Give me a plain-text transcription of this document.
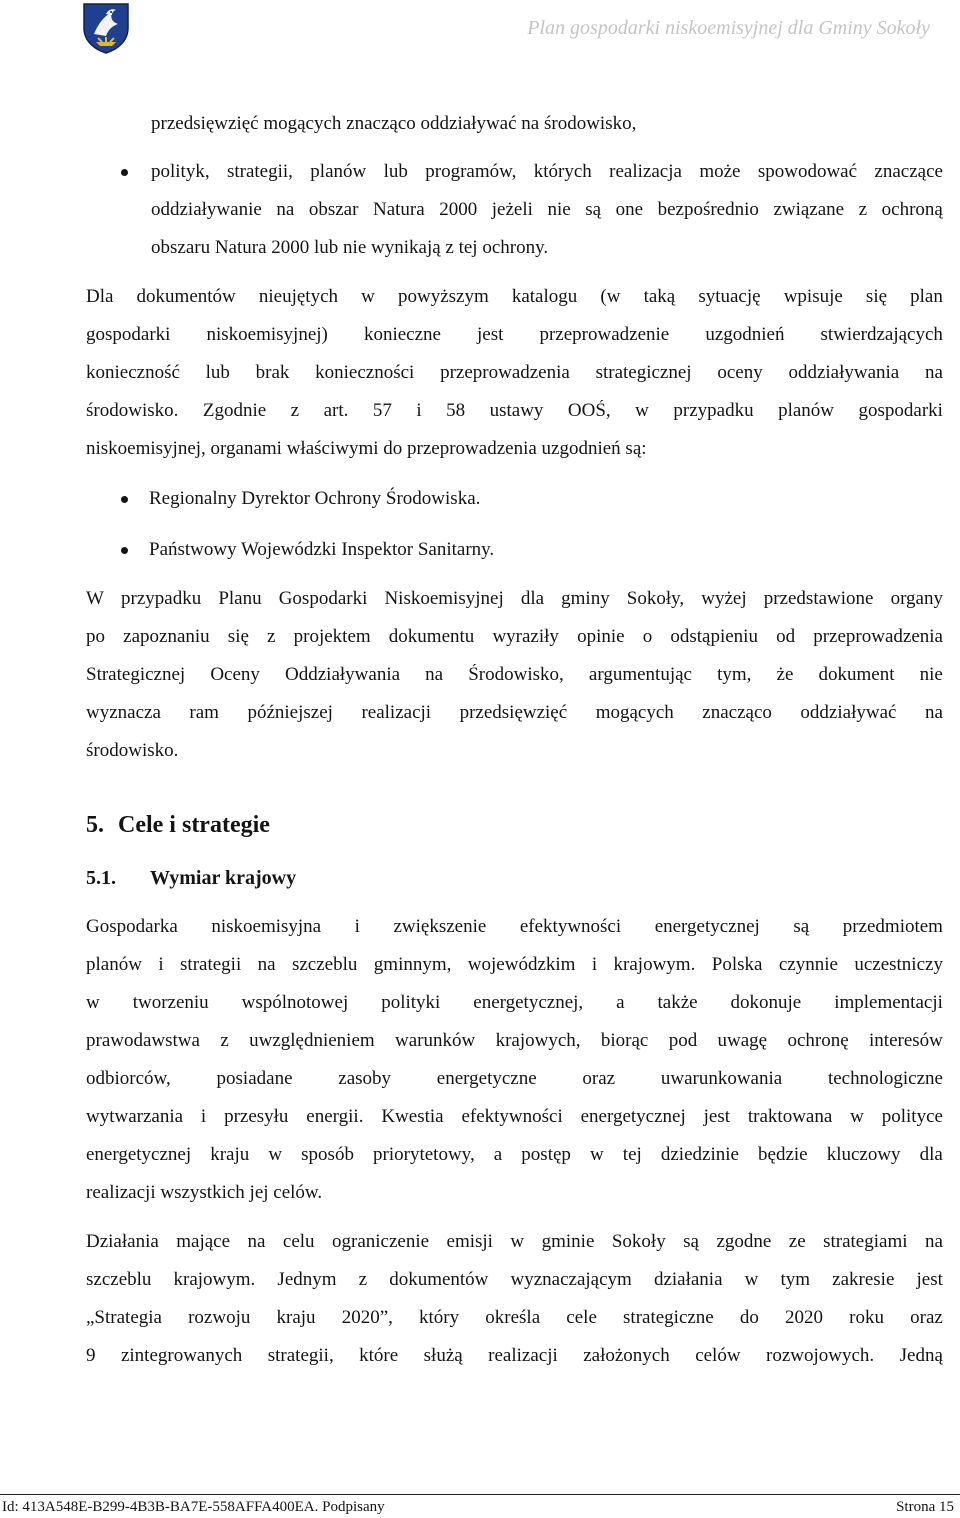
Plan gospodarki niskoemisyjnej dla Gminy Sokoły
przedsięwzięć mogących znacząco oddziaływać na środowisko,
polityk, strategii, planów lub programów, których realizacja może spowodować znaczące
oddziaływanie na obszar Natura 2000 jeżeli nie są one bezpośrednio związane z ochroną
obszaru Natura 2000 lub nie wynikają z tej ochrony.
Dla dokumentów nieujętych w powyższym katalogu (w taką sytuację wpisuje się plan
gospodarki niskoemisyjnej) konieczne jest przeprowadzenie uzgodnień stwierdzających
konieczność lub brak konieczności przeprowadzenia strategicznej oceny oddziaływania na
środowisko. Zgodnie z art. 57 i 58 ustawy OOŚ, w przypadku planów gospodarki
niskoemisyjnej, organami właściwymi do przeprowadzenia uzgodnień są:
Regionalny Dyrektor Ochrony Środowiska.
Państwowy Wojewódzki Inspektor Sanitarny.
W przypadku Planu Gospodarki Niskoemisyjnej dla gminy Sokoły, wyżej przedstawione organy
po zapoznaniu się z projektem dokumentu wyraziły opinie o odstąpieniu od przeprowadzenia
Strategicznej Oceny Oddziaływania na Środowisko, argumentując tym, że dokument nie
wyznacza ram późniejszej realizacji przedsięwzięć mogących znacząco oddziaływać na
środowisko.
5. Cele i strategie
5.1. Wymiar krajowy
Gospodarka niskoemisyjna i zwiększenie efektywności energetycznej są przedmiotem
planów i strategii na szczeblu gminnym, wojewódzkim i krajowym. Polska czynnie uczestniczy
w tworzeniu wspólnotowej polityki energetycznej, a także dokonuje implementacji
prawodawstwa z uwzględnieniem warunków krajowych, biorąc pod uwagę ochronę interesów
odbiorców, posiadane zasoby energetyczne oraz uwarunkowania technologiczne
wytwarzania i przesyłu energii. Kwestia efektywności energetycznej jest traktowana w polityce
energetycznej kraju w sposób priorytetowy, a postęp w tej dziedzinie będzie kluczowy dla
realizacji wszystkich jej celów.
Działania mające na celu ograniczenie emisji w gminie Sokoły są zgodne ze strategiami na
szczeblu krajowym. Jednym z dokumentów wyznaczającym działania w tym zakresie jest
„Strategia rozwoju kraju 2020”, który określa cele strategiczne do 2020 roku oraz
9 zintegrowanych strategii, które służą realizacji założonych celów rozwojowych. Jedną
Id: 413A548E-B299-4B3B-BA7E-558AFFA400EA. Podpisany	Strona 15
